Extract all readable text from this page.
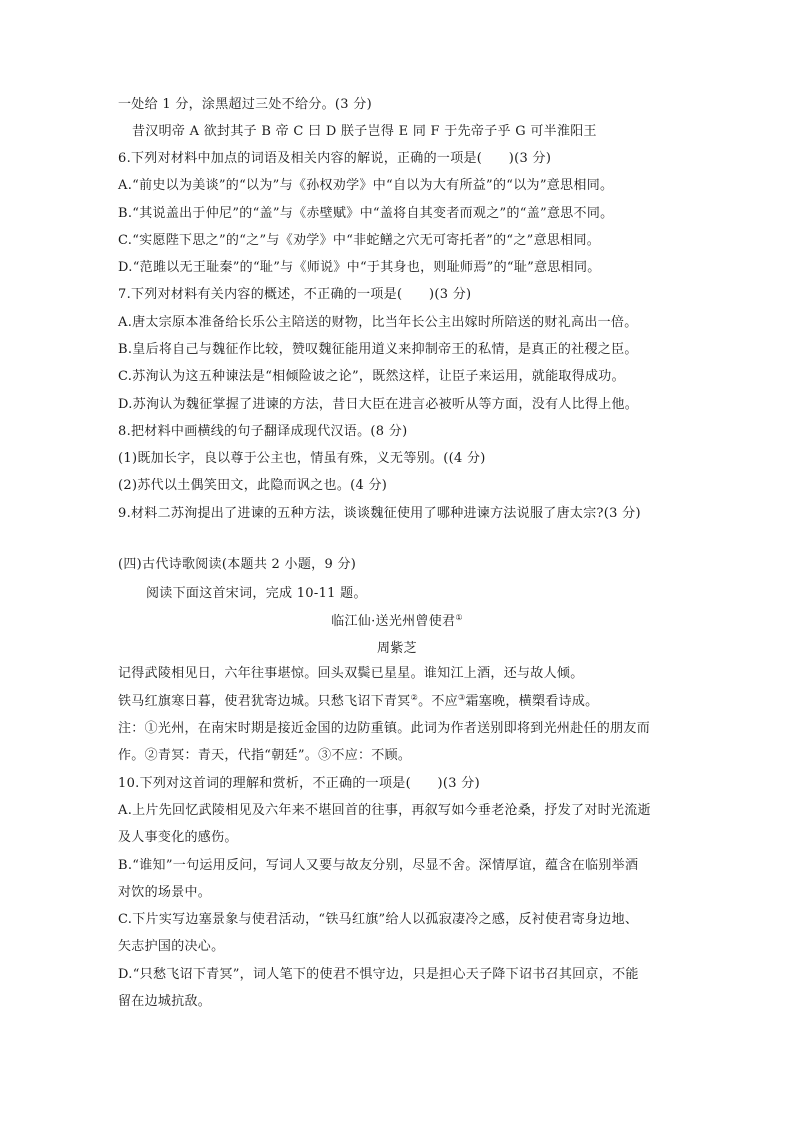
一处给 1 分，涂黑超过三处不给分。(3 分)
昔汉明帝 A 欲封其子 B 帝 C 曰 D 朕子岂得 E 同 F 于先帝子乎 G 可半淮阳王
6.下列对材料中加点的词语及相关内容的解说，正确的一项是(　　)(3 分)
A.“前史以为美谈”的“以为”与《孙权劝学》中“自以为大有所益”的“以为”意思相同。
B.“其说盖出于仲尼”的“盖”与《赤壁赋》中“盖将自其变者而观之”的“盖”意思不同。
C.“实愿陛下思之”的“之”与《劝学》中“非蛇鳝之穴无可寄托者”的“之”意思相同。
D.“范雎以无王耻秦”的“耻”与《师说》中“于其身也，则耻师焉”的“耻”意思相同。
7.下列对材料有关内容的概述，不正确的一项是(　　)(3 分)
A.唐太宗原本准备给长乐公主陪送的财物，比当年长公主出嫁时所陪送的财礼高出一倍。
B.皇后将自己与魏征作比较，赞叹魏征能用道义来抑制帝王的私情，是真正的社稷之臣。
C.苏洵认为这五种谏法是“相倾险诐之论”，既然这样，让臣子来运用，就能取得成功。
D.苏洵认为魏征掌握了进谏的方法，昔日大臣在进言必被听从等方面，没有人比得上他。
8.把材料中画横线的句子翻译成现代汉语。(8 分)
(1)既加长字，良以尊于公主也，情虽有殊，义无等别。((4 分)
(2)苏代以土偶笑田文，此隐而讽之也。(4 分)
9.材料二苏洵提出了进谏的五种方法，谈谈魏征使用了哪种进谏方法说服了唐太宗?(3 分)
(四)古代诗歌阅读(本题共 2 小题，9 分)
阅读下面这首宋词，完成 10-11 题。
临江仙·送光州曾使君①
周紫芝
记得武陵相见日，六年往事堪惊。回头双鬓已星星。谁知江上酒，还与故人倾。
铁马红旗寒日暮，使君犹寄边城。只愁飞诏下青冥②。不应③霜塞晚，横槊看诗成。
注：①光州，在南宋时期是接近金国的边防重镇。此词为作者送别即将到光州赴任的朋友而
作。②青冥：青天，代指“朝廷”。③不应：不顾。
10.下列对这首词的理解和赏析，不正确的一项是(　　)(3 分)
A.上片先回忆武陵相见及六年来不堪回首的往事，再叙写如今垂老沧桑，抒发了对时光流逝
及人事变化的感伤。
B.“谁知”一句运用反问，写词人又要与故友分别，尽显不舍。深情厚谊，蕴含在临别举酒
对饮的场景中。
C.下片实写边塞景象与使君活动，“铁马红旗”给人以孤寂凄冷之感，反衬使君寄身边地、
矢志护国的决心。
D.“只愁飞诏下青冥”，词人笔下的使君不惧守边，只是担心天子降下诏书召其回京，不能
留在边城抗敌。
